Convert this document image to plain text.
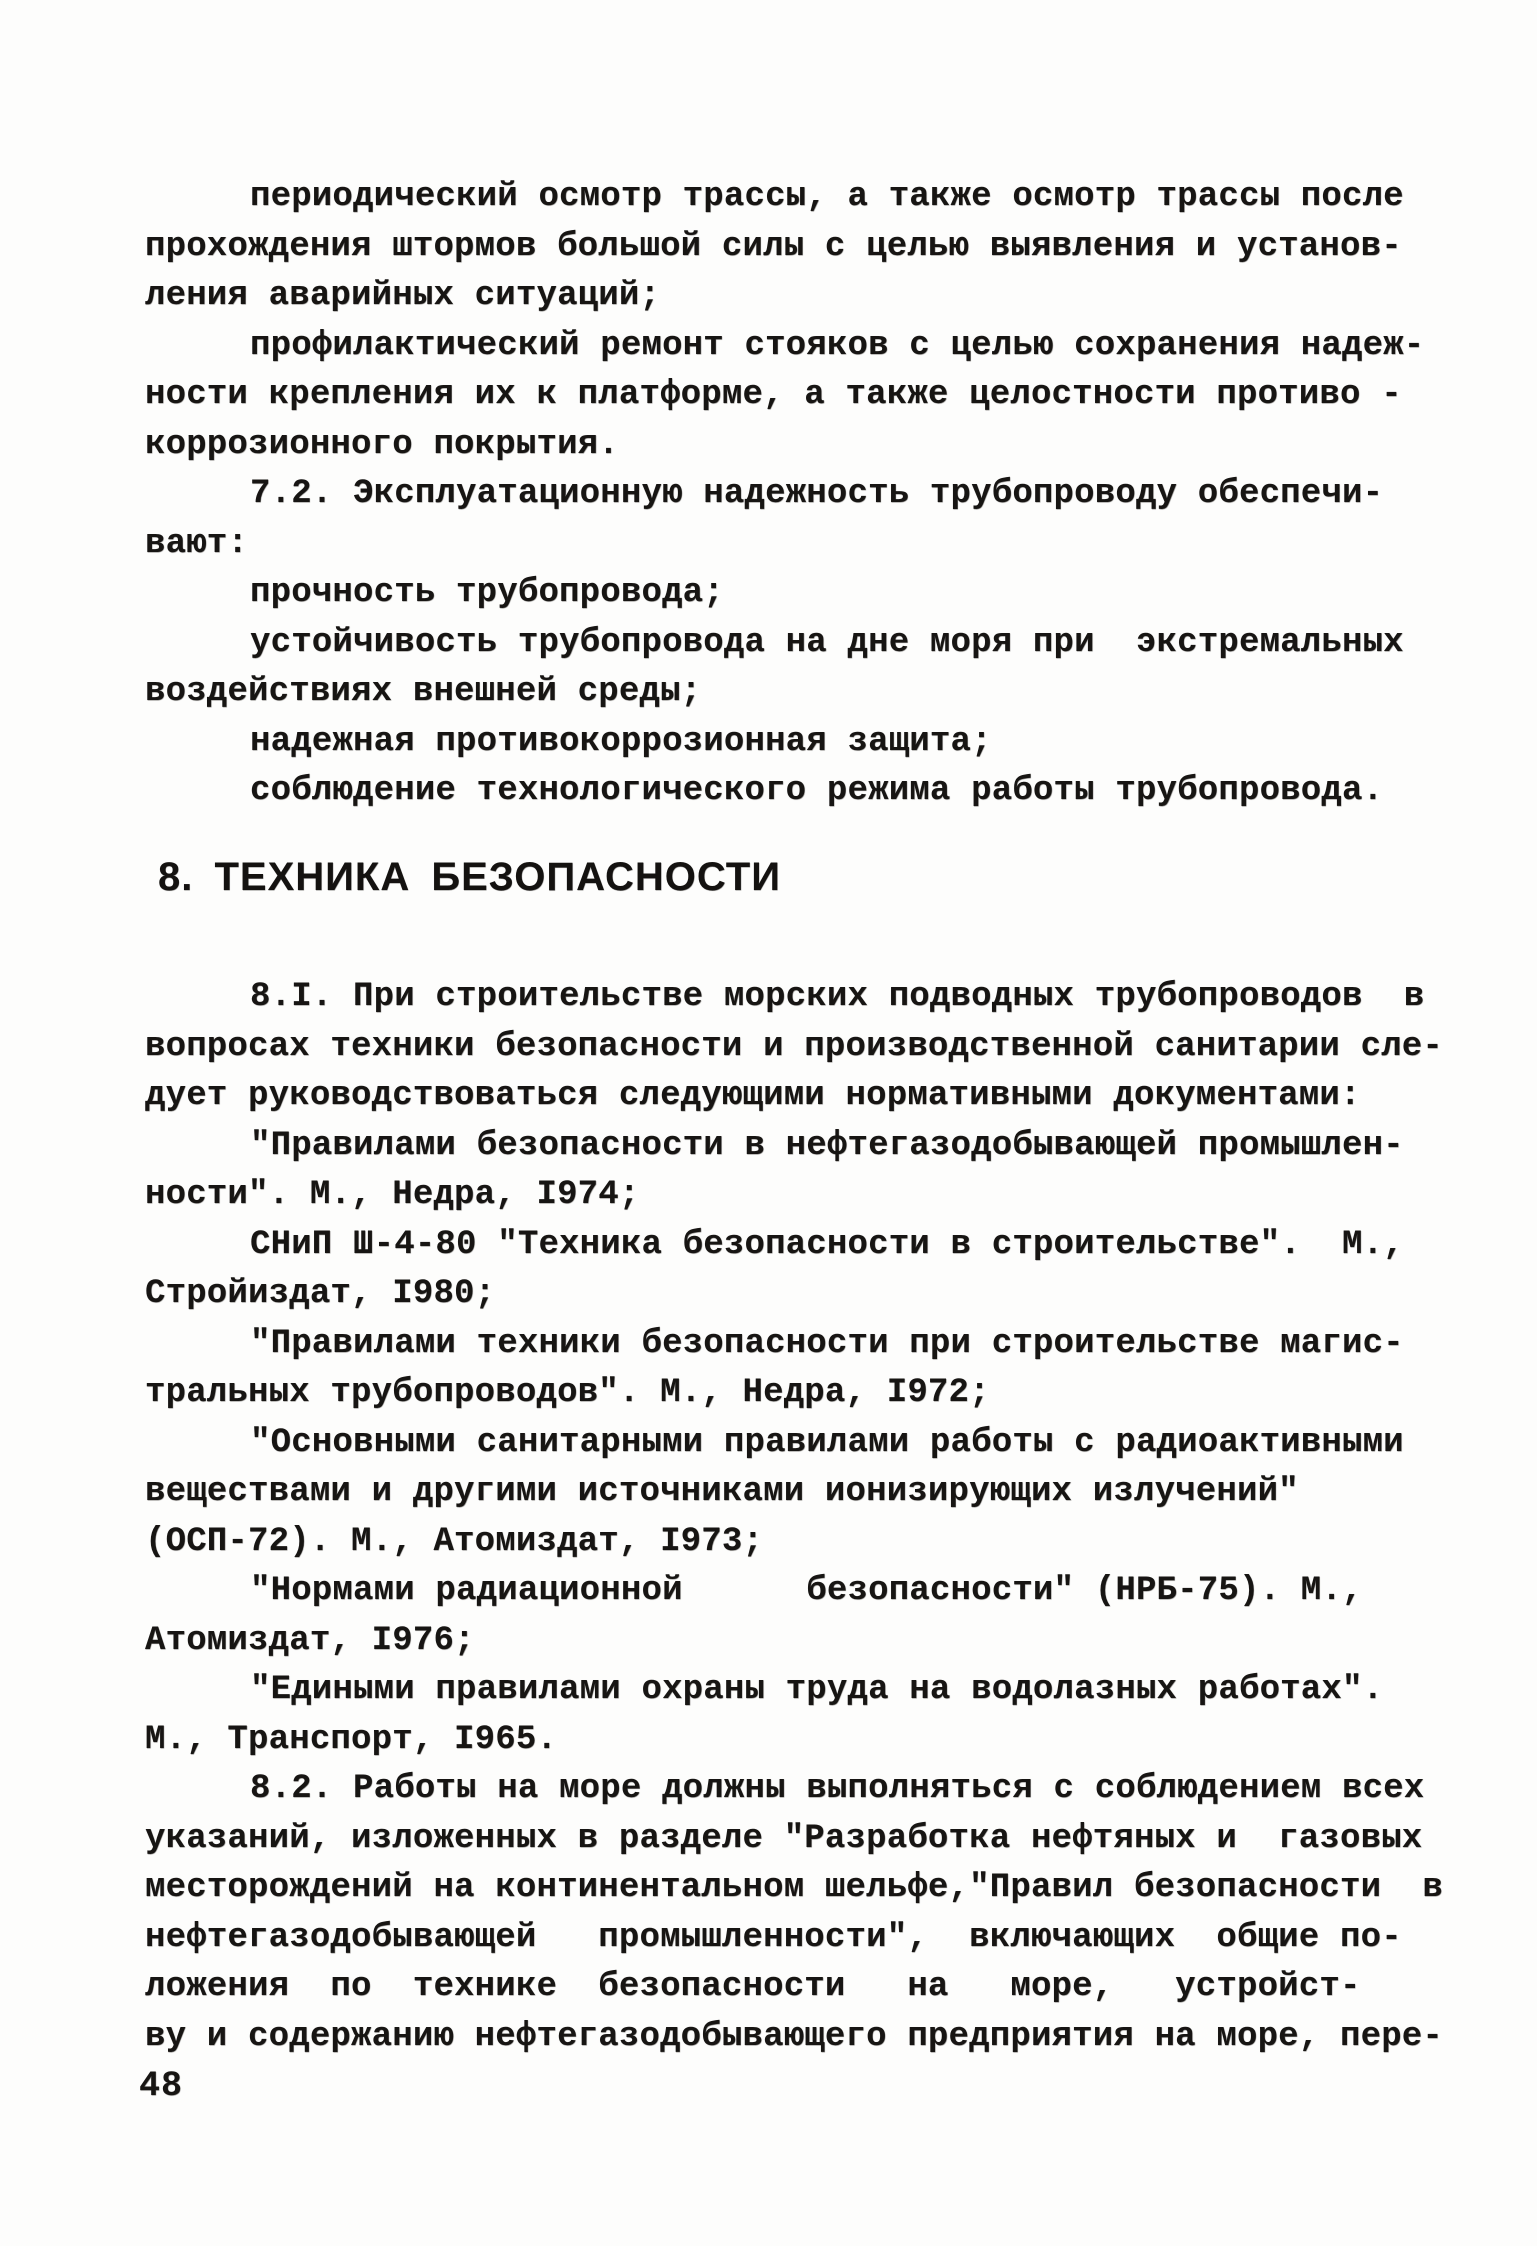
периодический осмотр трассы, а также осмотр трассы после
прохождения штормов большой силы с целью выявления и установ-
ления аварийных ситуаций;
профилактический ремонт стояков с целью сохранения надеж-
ности крепления их к платформе, а также целостности противо -
коррозионного покрытия.
7.2. Эксплуатационную надежность трубопроводу обеспечи-
вают:
прочность трубопровода;
устойчивость трубопровода на дне моря при  экстремальных
воздействиях внешней среды;
надежная противокоррозионная защита;
соблюдение технологического режима работы трубопровода.
8. ТЕХНИКА БЕЗОПАСНОСТИ
8.I. При строительстве морских подводных трубопроводов  в
вопросах техники безопасности и производственной санитарии сле-
дует руководствоваться следующими нормативными документами:
"Правилами безопасности в нефтегазодобывающей промышлен-
ности". М., Недра, I974;
СНиП Ш-4-80 "Техника безопасности в строительстве".  М.,
Стройиздат, I980;
"Правилами техники безопасности при строительстве магис-
тральных трубопроводов". М., Недра, I972;
"Основными санитарными правилами работы с радиоактивными
веществами и другими источниками ионизирующих излучений"
(ОСП-72). М., Атомиздат, I973;
"Нормами радиационной      безопасности" (НРБ-75). М.,
Атомиздат, I976;
"Едиными правилами охраны труда на водолазных работах".
М., Транспорт, I965.
8.2. Работы на море должны выполняться с соблюдением всех
указаний, изложенных в разделе "Разработка нефтяных и  газовых
месторождений на континентальном шельфе,"Правил безопасности  в
нефтегазодобывающей   промышленности",  включающих  общие по-
ложения  по  технике  безопасности   на   море,   устройст-
ву и содержанию нефтегазодобывающего предприятия на море, пере-
48
